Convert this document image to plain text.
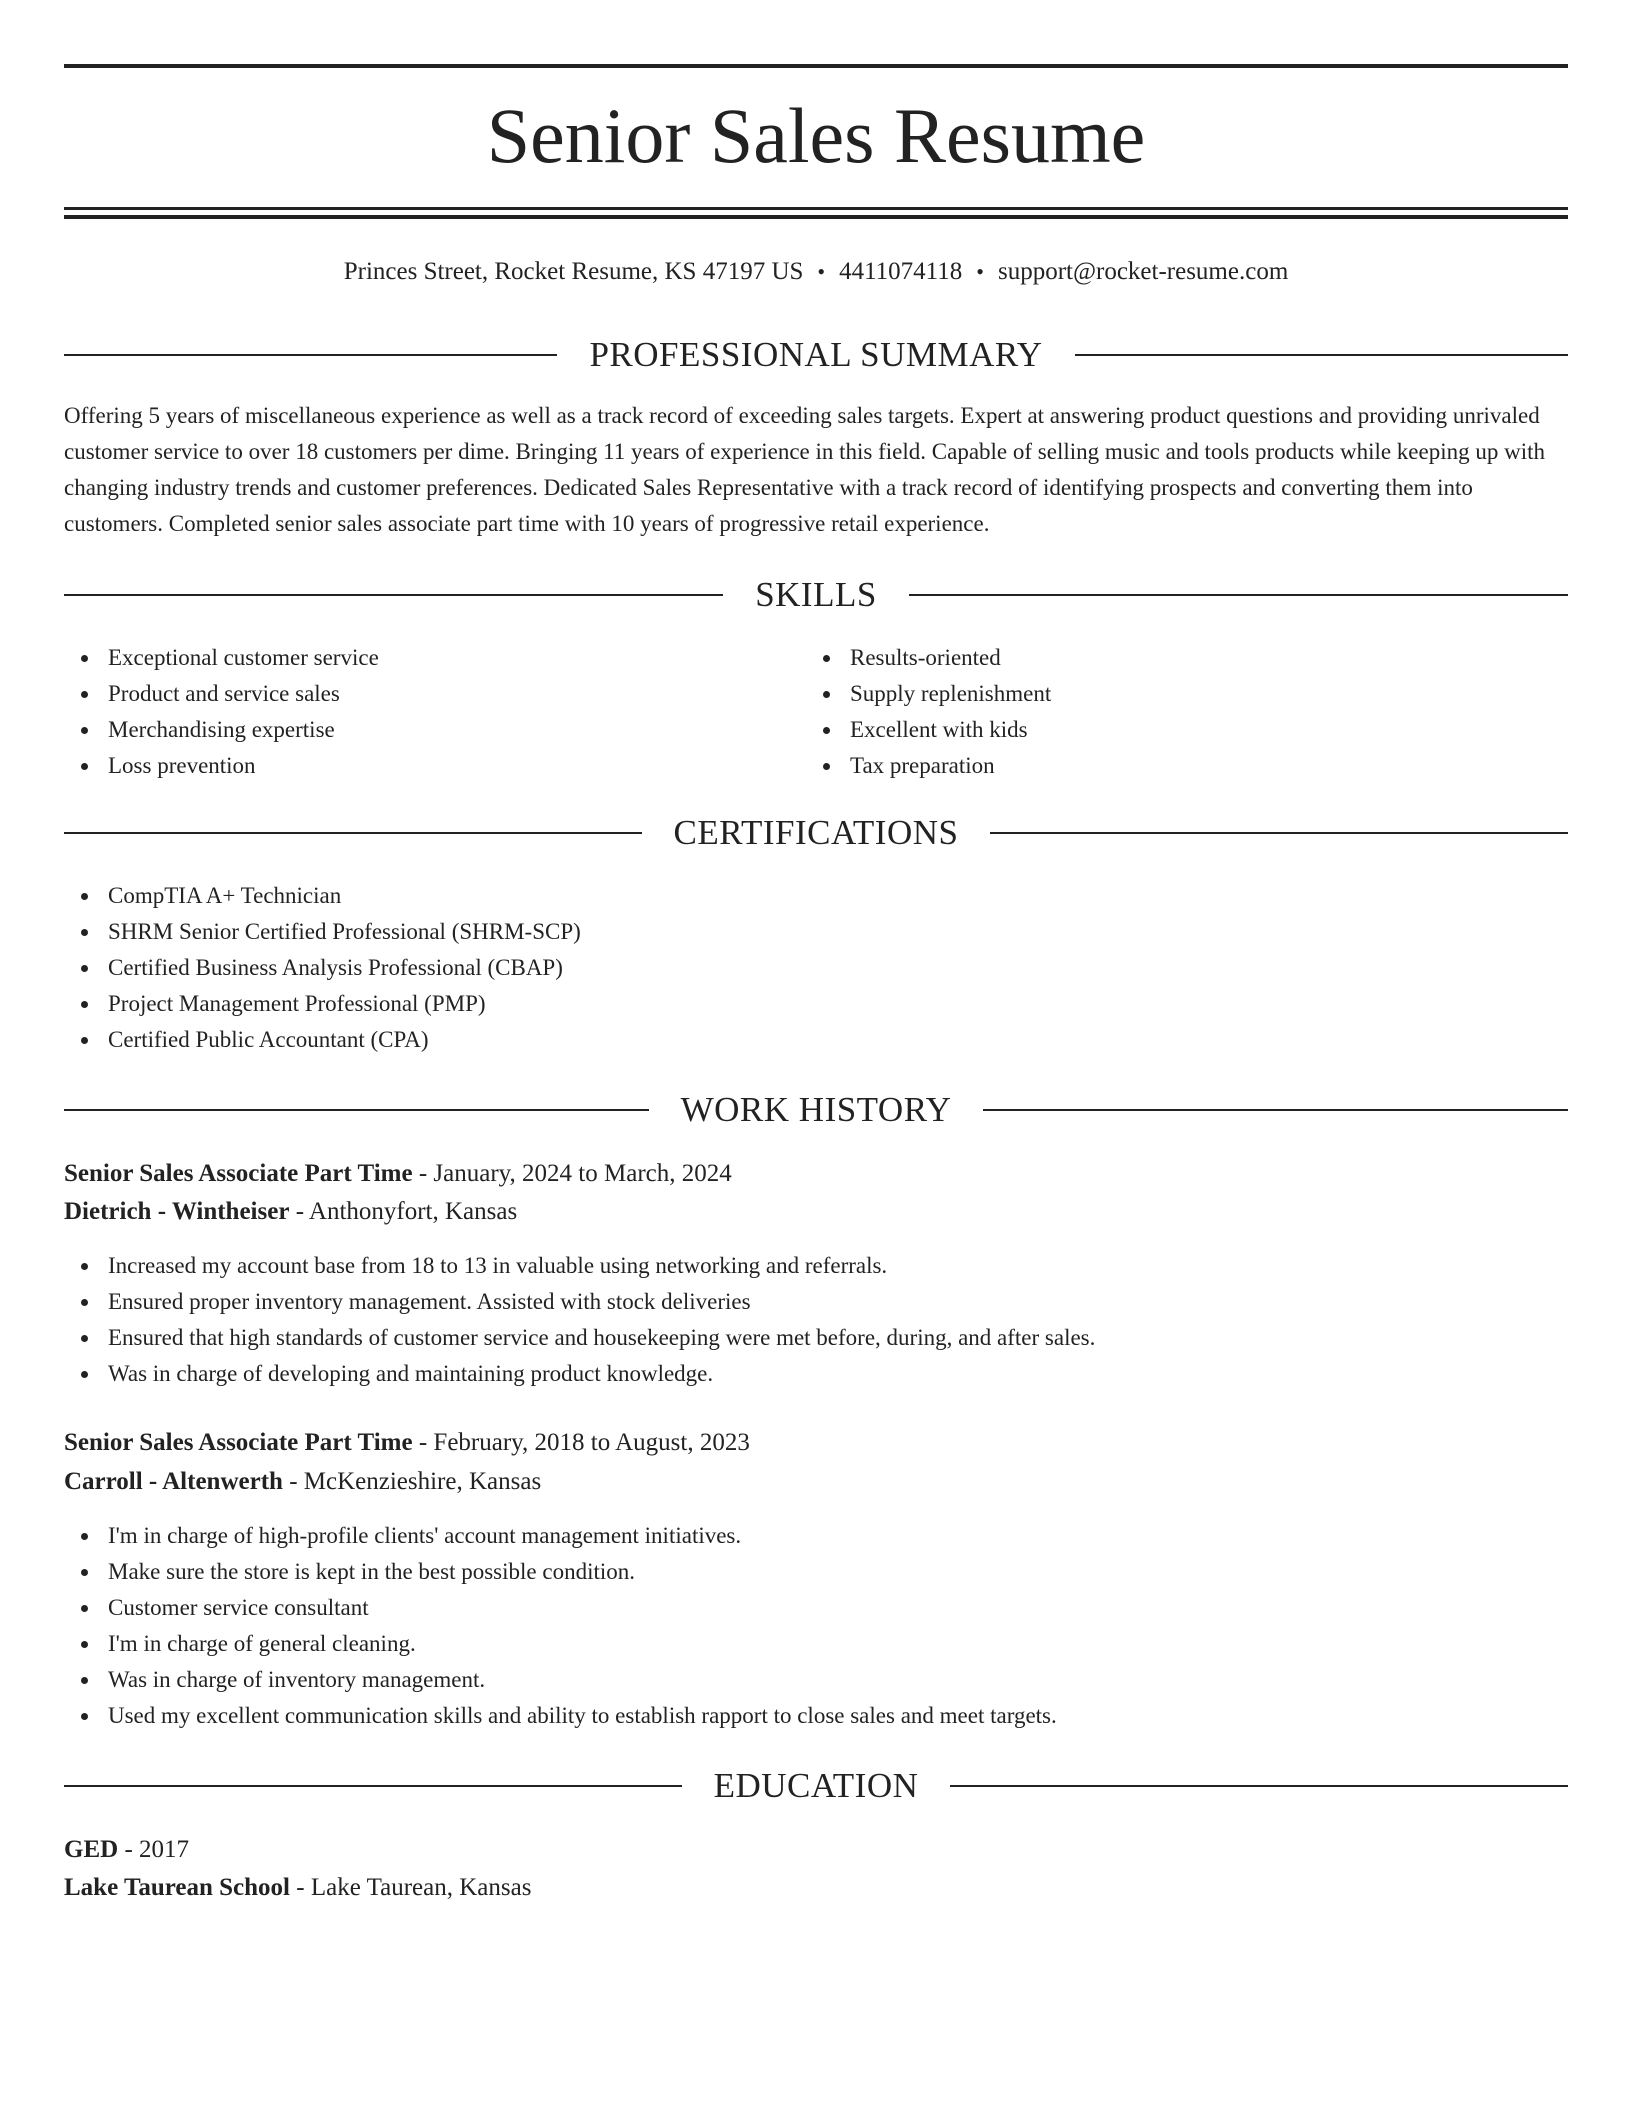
Senior Sales Resume
Princes Street, Rocket Resume, KS 47197 US • 4411074118 • support@rocket-resume.com
PROFESSIONAL SUMMARY

Offering 5 years of miscellaneous experience as well as a track record of exceeding sales targets. Expert at answering product questions and providing unrivaled customer service to over 18 customers per dime. Bringing 11 years of experience in this field. Capable of selling music and tools products while keeping up with changing industry trends and customer preferences. Dedicated Sales Representative with a track record of identifying prospects and converting them into customers. Completed senior sales associate part time with 10 years of progressive retail experience.

SKILLS
Exceptional customer service
Product and service sales
Merchandising expertise
Loss prevention
Results-oriented
Supply replenishment
Excellent with kids
Tax preparation
CERTIFICATIONS
CompTIA A+ Technician
SHRM Senior Certified Professional (SHRM-SCP)
Certified Business Analysis Professional (CBAP)
Project Management Professional (PMP)
Certified Public Accountant (CPA)
WORK HISTORY
Senior Sales Associate Part Time - January, 2024 to March, 2024
Dietrich - Wintheiser - Anthonyfort, Kansas
Increased my account base from 18 to 13 in valuable using networking and referrals.
Ensured proper inventory management. Assisted with stock deliveries
Ensured that high standards of customer service and housekeeping were met before, during, and after sales.
Was in charge of developing and maintaining product knowledge.
Senior Sales Associate Part Time - February, 2018 to August, 2023
Carroll - Altenwerth - McKenzieshire, Kansas
I'm in charge of high-profile clients' account management initiatives.
Make sure the store is kept in the best possible condition.
Customer service consultant
I'm in charge of general cleaning.
Was in charge of inventory management.
Used my excellent communication skills and ability to establish rapport to close sales and meet targets.
EDUCATION
GED - 2017
Lake Taurean School - Lake Taurean, Kansas
